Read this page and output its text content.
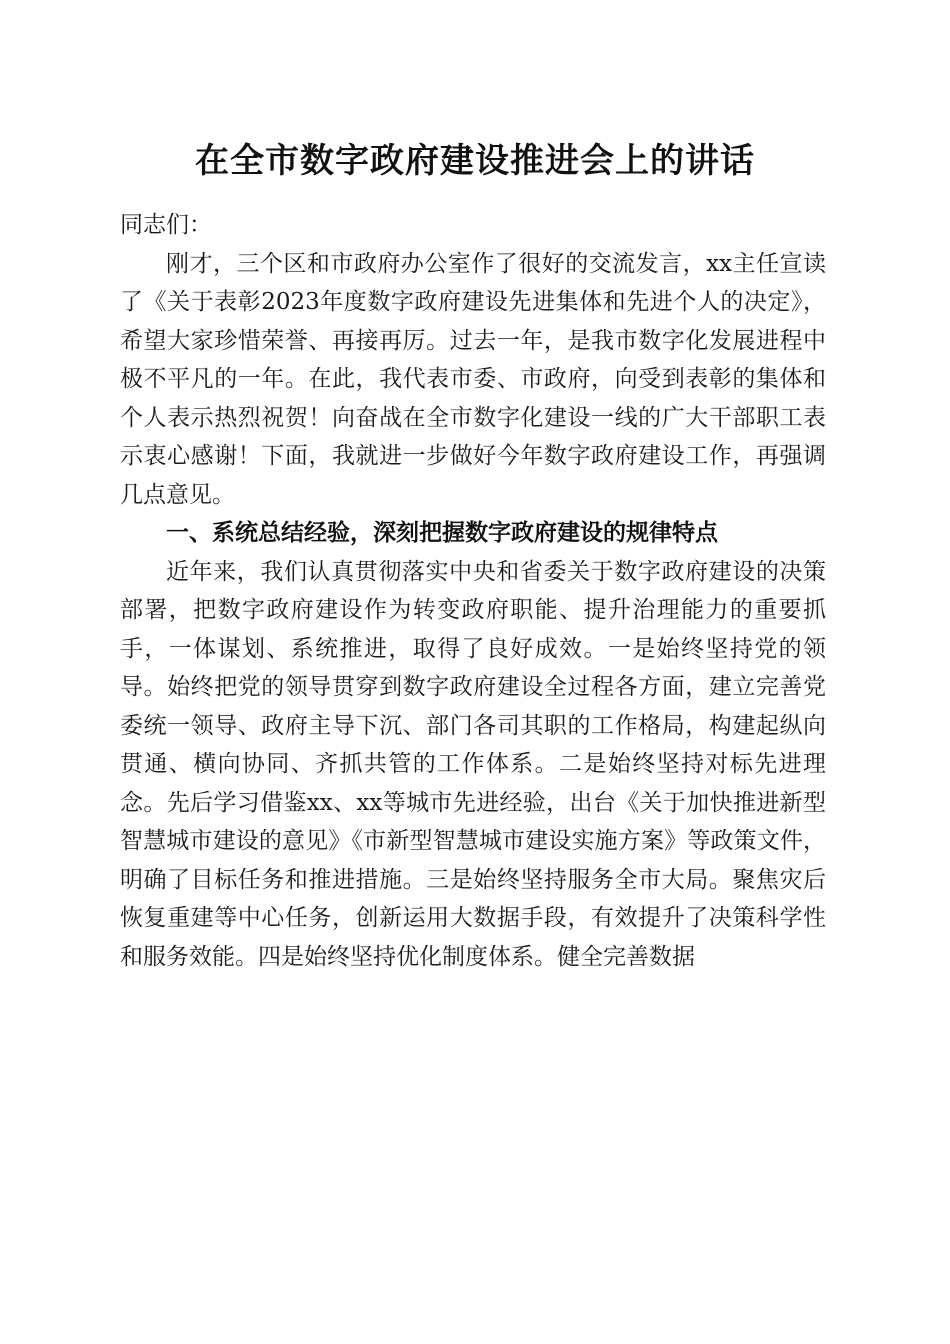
在全市数字政府建设推进会上的讲话

同志们：

刚才，三个区和市政府办公室作了很好的交流发言，xx主任宣读了《关于表彰2023年度数字政府建设先进集体和先进个人的决定》，希望大家珍惜荣誉、再接再厉。过去一年，是我市数字化发展进程中极不平凡的一年。在此，我代表市委、市政府，向受到表彰的集体和个人表示热烈祝贺！向奋战在全市数字化建设一线的广大干部职工表示衷心感谢！下面，我就进一步做好今年数字政府建设工作，再强调几点意见。

一、系统总结经验，深刻把握数字政府建设的规律特点

近年来，我们认真贯彻落实中央和省委关于数字政府建设的决策部署，把数字政府建设作为转变政府职能、提升治理能力的重要抓手，一体谋划、系统推进，取得了良好成效。一是始终坚持党的领导。始终把党的领导贯穿到数字政府建设全过程各方面，建立完善党委统一领导、政府主导下沉、部门各司其职的工作格局，构建起纵向贯通、横向协同、齐抓共管的工作体系。二是始终坚持对标先进理念。先后学习借鉴xx、xx等城市先进经验，出台《关于加快推进新型智慧城市建设的意见》《市新型智慧城市建设实施方案》等政策文件，明确了目标任务和推进措施。三是始终坚持服务全市大局。聚焦灾后恢复重建等中心任务，创新运用大数据手段，有效提升了决策科学性和服务效能。四是始终坚持优化制度体系。健全完善数据
